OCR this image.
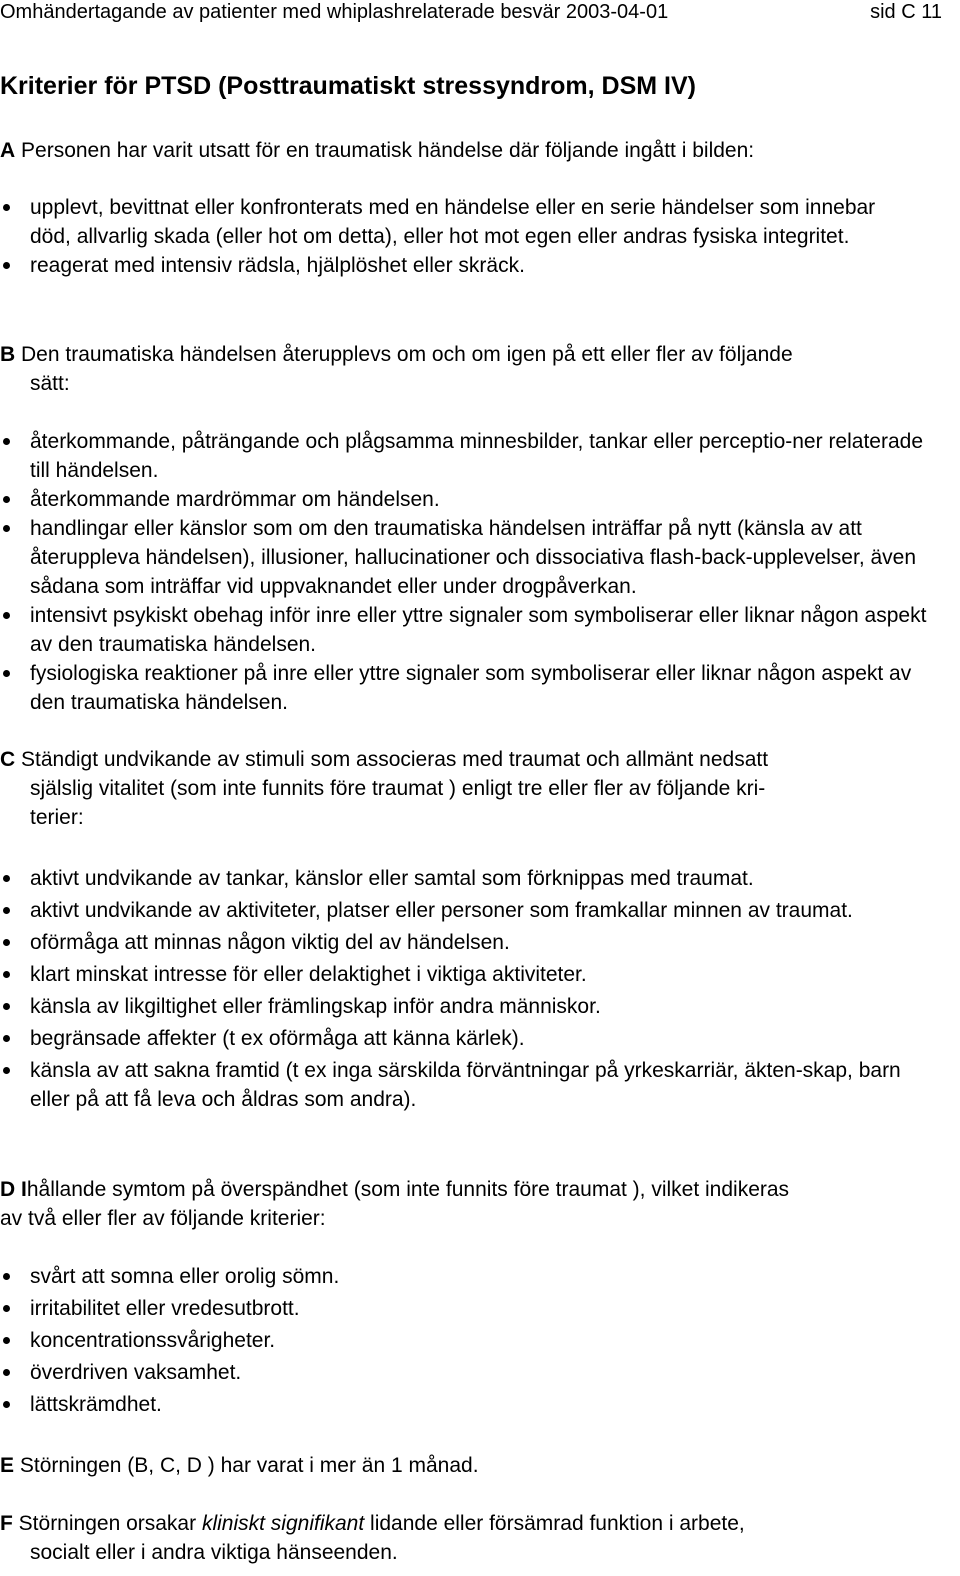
Omhändertagande av patienter med whiplashrelaterade besvär 2003-04-01	sid C 11
Kriterier för PTSD (Posttraumatiskt stressyndrom, DSM IV)

A Personen har varit utsatt för en traumatisk händelse där följande ingått i bilden:

upplevt, bevittnat eller konfronterats med en händelse eller en serie händelser som innebar död, allvarlig skada (eller hot om detta), eller hot mot egen eller andras fysiska integritet.
reagerat med intensiv rädsla, hjälplöshet eller skräck.

B Den traumatiska händelsen återupplevs om och om igen på ett eller fler av följande
sätt:

återkommande, påträngande och plågsamma minnesbilder, tankar eller perceptio-ner relaterade till händelsen.
återkommande mardrömmar om händelsen.
handlingar eller känslor som om den traumatiska händelsen inträffar på nytt (känsla av att återuppleva händelsen), illusioner, hallucinationer och dissociativa flash-back-upplevelser, även sådana som inträffar vid uppvaknandet eller under drogpåverkan.
intensivt psykiskt obehag inför inre eller yttre signaler som symboliserar eller liknar någon aspekt av den traumatiska händelsen.
fysiologiska reaktioner på inre eller yttre signaler som symboliserar eller liknar någon aspekt av den traumatiska händelsen.

C Ständigt undvikande av stimuli som associeras med traumat och allmänt nedsatt
själslig vitalitet (som inte funnits före traumat ) enligt tre eller fler av följande kri-
terier:

aktivt undvikande av tankar, känslor eller samtal som förknippas med traumat.
aktivt undvikande av aktiviteter, platser eller personer som framkallar minnen av traumat.
oförmåga att minnas någon viktig del av händelsen.
klart minskat intresse för eller delaktighet i viktiga aktiviteter.
känsla av likgiltighet eller främlingskap inför andra människor.
begränsade affekter (t ex oförmåga att känna kärlek).
känsla av att sakna framtid (t ex inga särskilda förväntningar på yrkeskarriär, äkten-skap, barn eller på att få leva och åldras som andra).

D Ihållande symtom på överspändhet (som inte funnits före traumat ), vilket indikeras
av två eller fler av följande kriterier:

svårt att somna eller orolig sömn.
irritabilitet eller vredesutbrott.
koncentrationssvårigheter.
överdriven vaksamhet.
lättskrämdhet.

E Störningen (B, C, D ) har varat i mer än 1 månad.

F Störningen orsakar kliniskt signifikant lidande eller försämrad funktion i arbete,
socialt eller i andra viktiga hänseenden.
